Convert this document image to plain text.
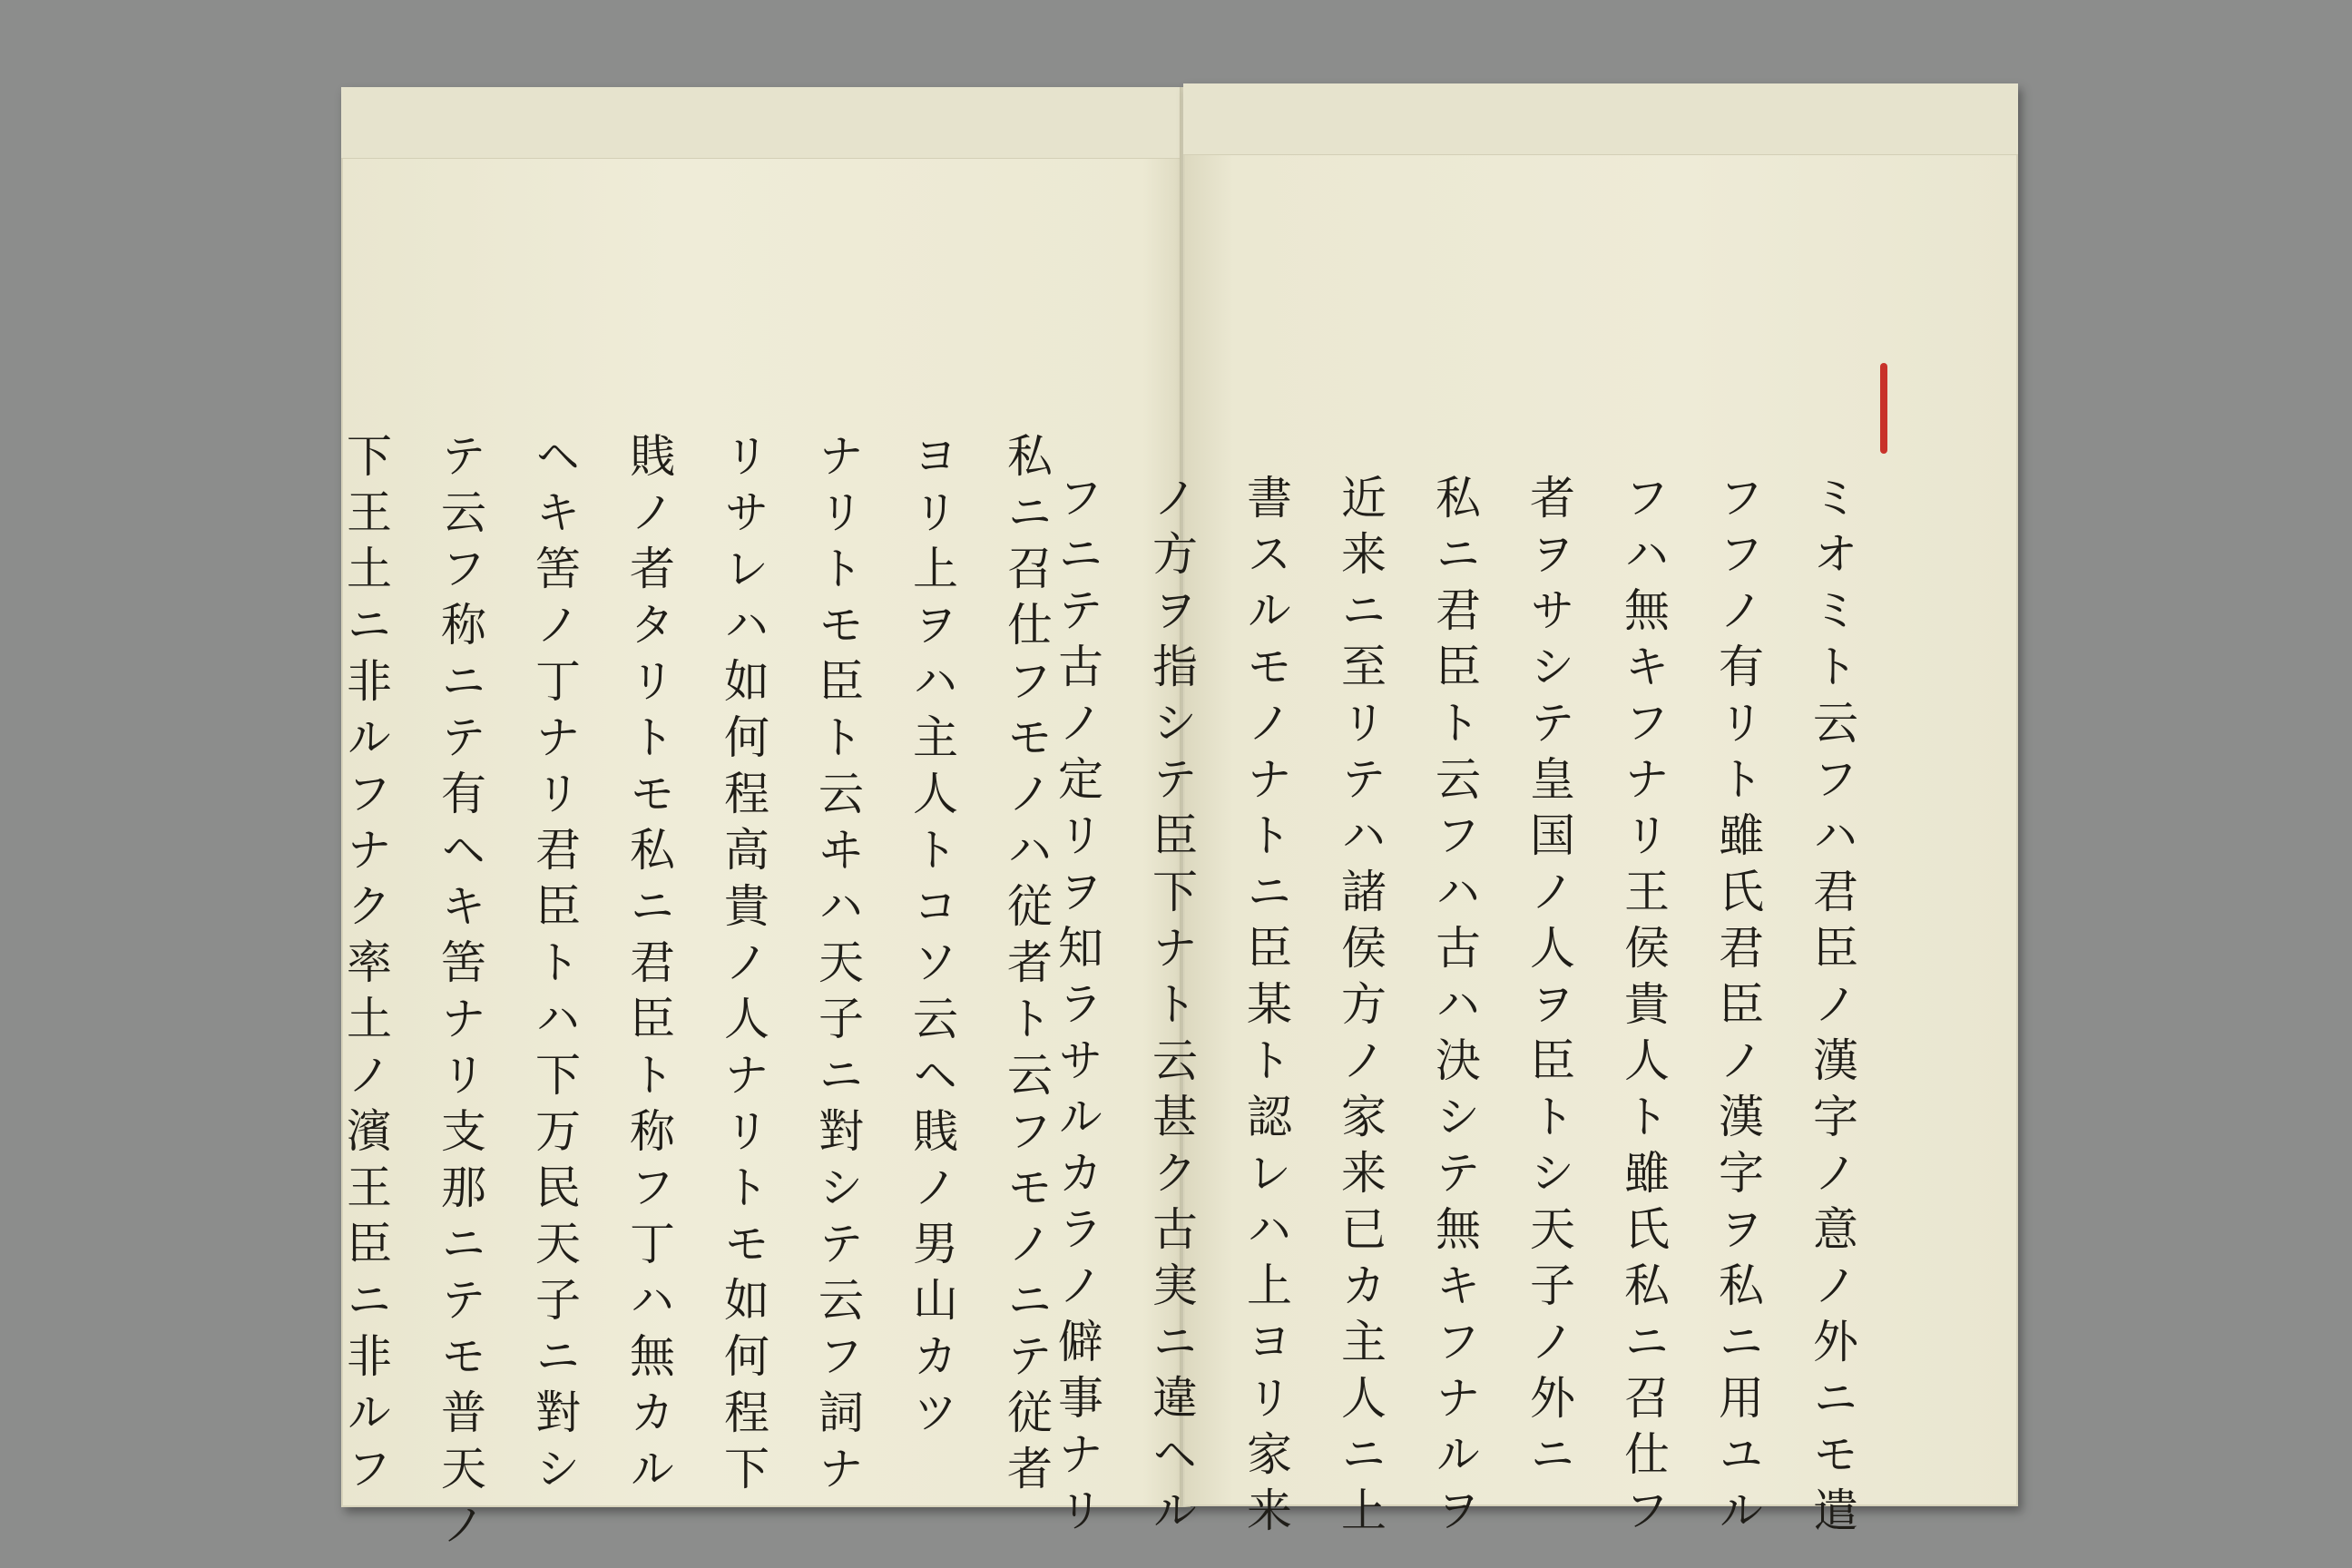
私ニ召仕フモノハ従者ト云フモノニテ従者
ヨリ上ヲハ主人トコソ云ヘ賎ノ男山カツ
ナリトモ臣ト云ヰハ天子ニ對シテ云フ詞ナ
リサレハ如何程高貴ノ人ナリトモ如何程下
賎ノ者タリトモ私ニ君臣ト称フ丁ハ無カル
ヘキ筈ノ丁ナリ君臣トハ下万民天子ニ對シ
テ云フ称ニテ有ヘキ筈ナリ支那ニテモ普天ノ
下王土ニ非ルフナク率土ノ濱王臣ニ非ルフ	ミオミト云フハ君臣ノ漢字ノ意ノ外ニモ遣
フフノ有リト雖氏君臣ノ漢字ヲ私ニ用ユル
フハ無キフナリ王侯貴人ト雖氏私ニ召仕フ
者ヲサシテ皇国ノ人ヲ臣トシ天子ノ外ニ
私ニ君臣ト云フハ古ハ決シテ無キフナルヲ
近来ニ至リテハ諸侯方ノ家来已カ主人ニ上
書スルモノナトニ臣某ト認レハ上ヨリ家来
ノ方ヲ指シテ臣下ナト云甚ク古実ニ違ヘル
フニテ古ノ定リヲ知ラサルカラノ僻事ナリ
